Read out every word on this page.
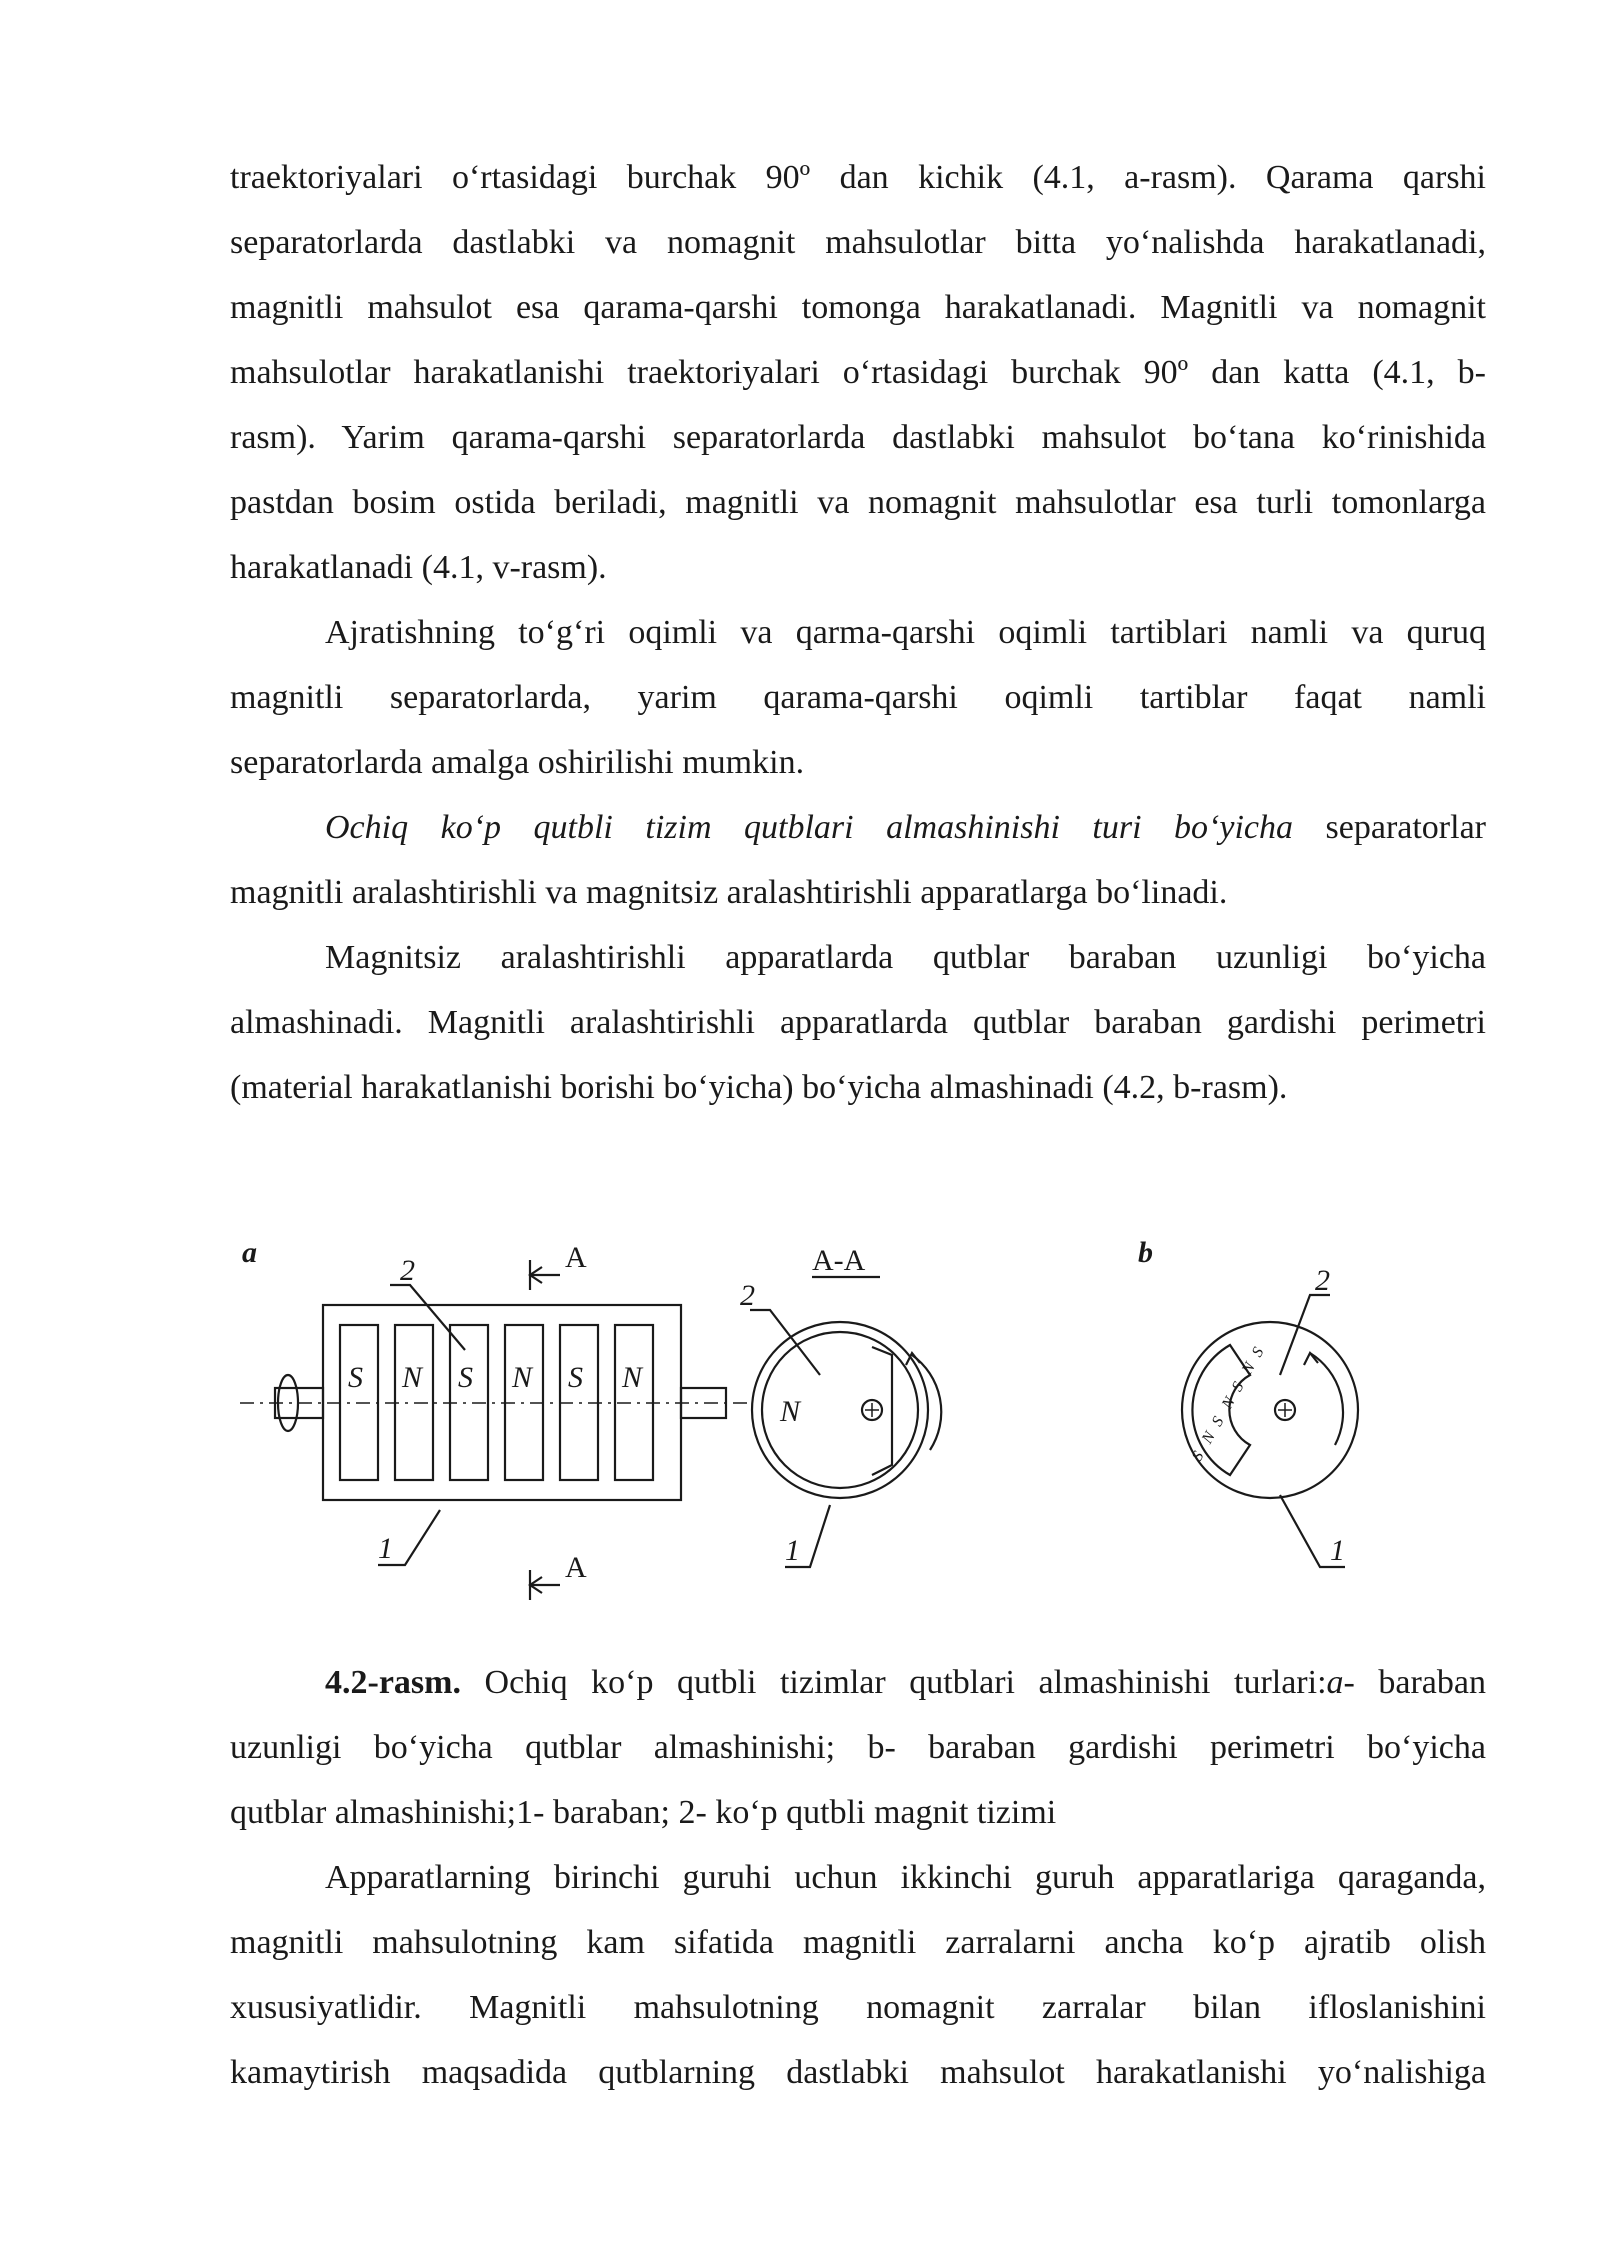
traektoriyalari o‘rtasidagi burchak 90º dan kichik (4.1, a-rasm). Qarama qarshi
separatorlarda dastlabki va nomagnit mahsulotlar bitta yo‘nalishda harakatlanadi,
magnitli mahsulot esa qarama-qarshi tomonga harakatlanadi. Magnitli va nomagnit
mahsulotlar harakatlanishi traektoriyalari o‘rtasidagi burchak 90º dan katta (4.1, b-
rasm). Yarim qarama-qarshi separatorlarda dastlabki mahsulot bo‘tana ko‘rinishida
pastdan bosim ostida beriladi, magnitli va nomagnit mahsulotlar esa turli tomonlarga
harakatlanadi (4.1, v-rasm).
Ajratishning to‘g‘ri oqimli va qarma-qarshi oqimli tartiblari namli va quruq
magnitli separatorlarda, yarim qarama-qarshi oqimli tartiblar faqat namli
separatorlarda amalga oshirilishi mumkin.
Ochiq ko‘p qutbli tizim qutblari almashinishi turi bo‘yicha separatorlar
magnitli aralashtirishli va magnitsiz aralashtirishli apparatlarga bo‘linadi.
Magnitsiz aralashtirishli apparatlarda qutblar baraban uzunligi bo‘yicha
almashinadi. Magnitli aralashtirishli apparatlarda qutblar baraban gardishi perimetri
(material harakatlanishi borishi bo‘yicha) bo‘yicha almashinadi (4.2, b-rasm).
a	b
S N S N S N
N
2
1
2
1
2
1
A
A
A-A
S
N
S
N
S
N
S
4.2-rasm. Ochiq ko‘p qutbli tizimlar qutblari almashinishi turlari:a- baraban
uzunligi bo‘yicha qutblar almashinishi; b- baraban gardishi perimetri bo‘yicha
qutblar almashinishi;1- baraban; 2- ko‘p qutbli magnit tizimi
Apparatlarning birinchi guruhi uchun ikkinchi guruh apparatlariga qaraganda,
magnitli mahsulotning kam sifatida magnitli zarralarni ancha ko‘p ajratib olish
xususiyatlidir. Magnitli mahsulotning nomagnit zarralar bilan ifloslanishini
kamaytirish maqsadida qutblarning dastlabki mahsulot harakatlanishi yo‘nalishiga
